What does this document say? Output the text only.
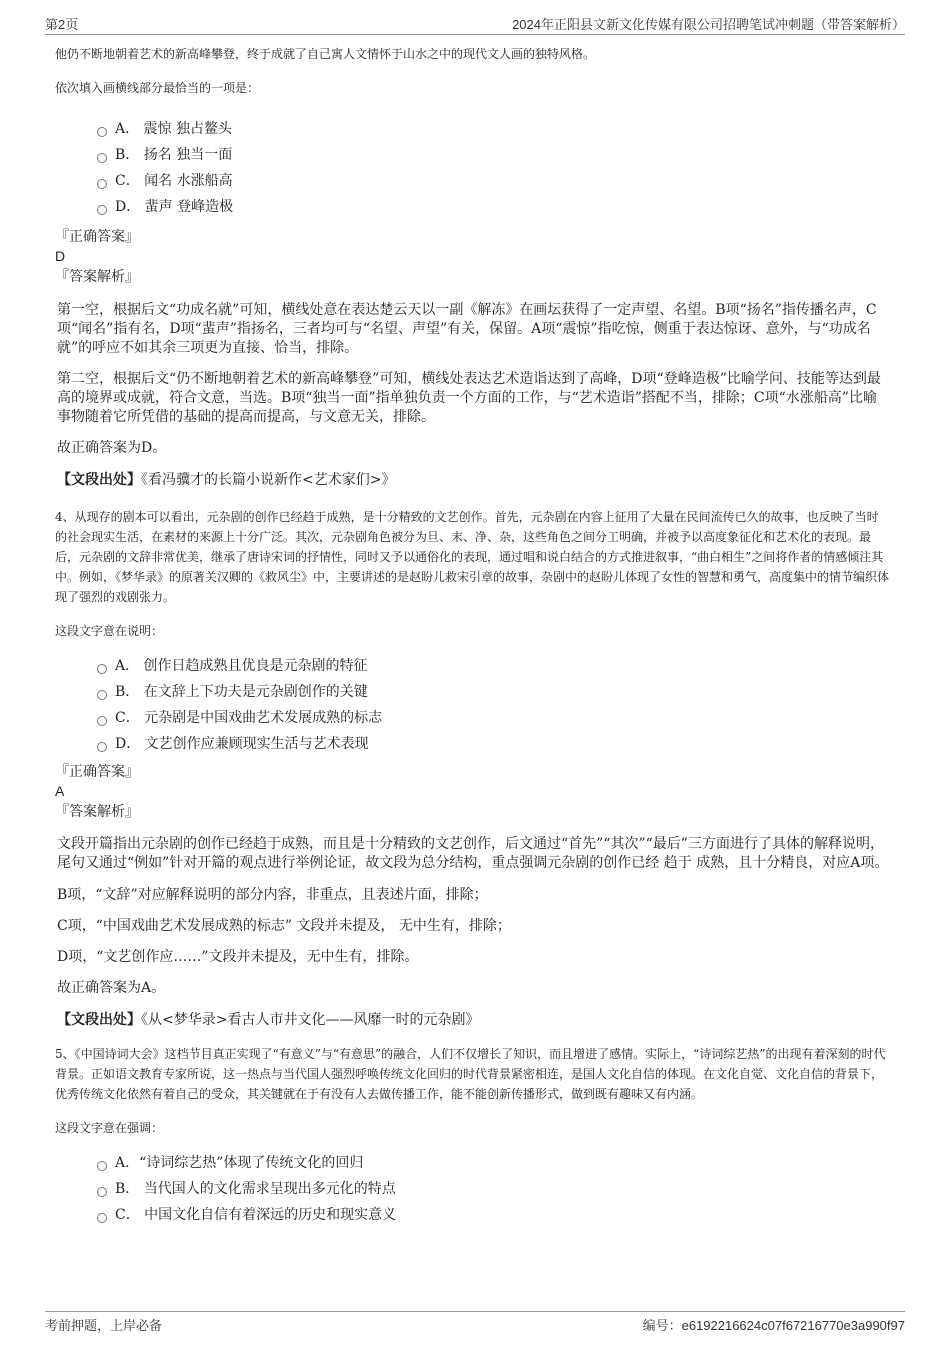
第2页	2024年正阳县文新文化传媒有限公司招聘笔试冲刺题（带答案解析）

他仍不断地朝着艺术的新高峰攀登，终于成就了自己寓人文情怀于山水之中的现代文人画的独特风格。

依次填入画横线部分最恰当的一项是：

A． 震惊 独占鳌头
B． 扬名 独当一面
C． 闻名 水涨船高
D． 蜚声 登峰造极

『正确答案』

D

『答案解析』

第一空，根据后文“功成名就”可知，横线处意在表达楚云天以一副《解冻》在画坛获得了一定声望、名望。B项“扬名”指传播名声，C项“闻名”指有名，D项“蜚声”指扬名，三者均可与“名望、声望”有关，保留。A项“震惊”指吃惊，侧重于表达惊讶、意外，与“功成名就”的呼应不如其余三项更为直接、恰当，排除。

第二空，根据后文“仍不断地朝着艺术的新高峰攀登”可知，横线处表达艺术造诣达到了高峰，D项“登峰造极”比喻学问、技能等达到最高的境界或成就，符合文意，当选。B项“独当一面”指单独负责一个方面的工作，与“艺术造诣”搭配不当，排除；C项“水涨船高”比喻事物随着它所凭借的基础的提高而提高，与文意无关，排除。

故正确答案为D。

【文段出处】《看冯骥才的长篇小说新作<艺术家们>》

4、从现存的剧本可以看出，元杂剧的创作已经趋于成熟，是十分精致的文艺创作。首先，元杂剧在内容上征用了大量在民间流传已久的故事，也反映了当时的社会现实生活，在素材的来源上十分广泛。其次，元杂剧角色被分为旦、末、净、杂，这些角色之间分工明确，并被予以高度象征化和艺术化的表现。最后，元杂剧的文辞非常优美，继承了唐诗宋词的抒情性，同时又予以通俗化的表现，通过唱和说白结合的方式推进叙事，“曲白相生”之间将作者的情感倾注其中。例如，《梦华录》的原著关汉卿的《救风尘》中，主要讲述的是赵盼儿救宋引章的故事，杂剧中的赵盼儿体现了女性的智慧和勇气，高度集中的情节编织体现了强烈的戏剧张力。

这段文字意在说明：

A． 创作日趋成熟且优良是元杂剧的特征
B． 在文辞上下功夫是元杂剧创作的关键
C． 元杂剧是中国戏曲艺术发展成熟的标志
D． 文艺创作应兼顾现实生活与艺术表现

『正确答案』

A

『答案解析』

文段开篇指出元杂剧的创作已经趋于成熟，而且是十分精致的文艺创作，后文通过“首先”“其次”“最后”三方面进行了具体的解释说明，尾句又通过“例如”针对开篇的观点进行举例论证，故文段为总分结构，重点强调元杂剧的创作已经 趋于 成熟，且十分精良，对应A项。

B项，“文辞”对应解释说明的部分内容，非重点，且表述片面，排除；

C项，“中国戏曲艺术发展成熟的标志” 文段并未提及， 无中生有，排除；

D项，“文艺创作应……”文段并未提及，无中生有，排除。

故正确答案为A。

【文段出处】《从<梦华录>看古人市井文化——风靡一时的元杂剧》

5、《中国诗词大会》这档节目真正实现了“有意义”与“有意思”的融合，人们不仅增长了知识，而且增进了感情。实际上，“诗词综艺热”的出现有着深刻的时代背景。正如语文教育专家所说，这一热点与当代国人强烈呼唤传统文化回归的时代背景紧密相连，是国人文化自信的体现。在文化自觉、文化自信的背景下，优秀传统文化依然有着自己的受众，其关键就在于有没有人去做传播工作，能不能创新传播形式，做到既有趣味又有内涵。

这段文字意在强调：

A．“诗词综艺热”体现了传统文化的回归
B． 当代国人的文化需求呈现出多元化的特点
C． 中国文化自信有着深远的历史和现实意义
考前押题，上岸必备	编号：e6192216624c07f67216770e3a990f97
